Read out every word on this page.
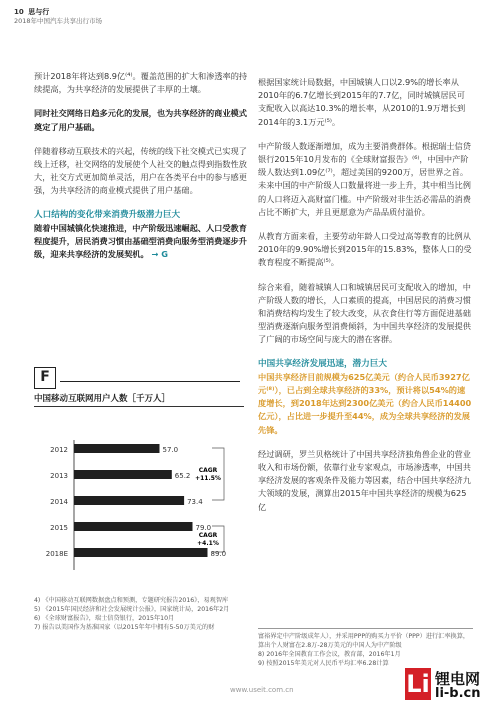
10 思与行
2018年中国汽车共享出行市场

预计2018年将达到8.9亿⁽⁴⁾。覆盖范围的扩大和渗透率的持续提高，为共享经济的发展提供了丰厚的土壤。

同时社交网络日趋多元化的发展，也为共享经济的商业模式奠定了用户基础。

伴随着移动互联技术的兴起，传统的线下社交模式已实现了线上迁移，社交网络的发展使个人社交的触点得到指数性放大，社交方式更加简单灵活，用户在各类平台中的参与感更强，为共享经济的商业模式提供了用户基础。

人口结构的变化带来消费升级潜力巨大

随着中国城镇化快速推进，中产阶级迅速崛起、人口受教育程度提升，居民消费习惯由基础型消费向服务型消费逐步升级，迎来共享经济的发展契机。 → G

F
中国移动互联网用户人数［千万人］
2012	57.0
2013	65.2
2014	73.4
2015	79.0
2018E	89.0
CAGR
+11.5%
CAGR
+4.1%
4) 《中国移动互联网数据盘点和预测，专题研究报告2016》，易观智库
5) 《2015年国民经济和社会发展统计公报》，国家统计局，2016年2月
6) 《全球财富报告》，瑞士信贷银行，2015年10月
7) 报告以美国作为基准国家（以2015年年中拥有5-50万美元的财

根据国家统计局数据，中国城镇人口以2.9%的增长率从2010年的6.7亿增长到2015年的7.7亿，同时城镇居民可支配收入以高达10.3%的增长率，从2010的1.9万增长到2014年的3.1万元⁽⁵⁾。

中产阶级人数逐渐增加，成为主要消费群体。根据瑞士信贷银行2015年10月发布的《全球财富报告》⁽⁶⁾，中国中产阶级人数达到1.09亿⁽⁷⁾，超过美国的9200万，居世界之首。未来中国的中产阶级人口数量将进一步上升，其中相当比例的人口将迈入高财富门槛。中产阶级对非生活必需品的消费占比不断扩大，并且更愿意为产品品质付溢价。

从教育方面来看，主要劳动年龄人口受过高等教育的比例从2010年的9.90%增长到2015年的15.83%，整体人口的受教育程度不断提高⁽⁵⁾。

综合来看，随着城镇人口和城镇居民可支配收入的增加，中产阶级人数的增长，人口素质的提高，中国居民的消费习惯和消费结构均发生了较大改变，从衣食住行等方面促进基础型消费逐渐向服务型消费倾斜，为中国共享经济的发展提供了广阔的市场空间与庞大的潜在客群。

中国共享经济发展迅速，潜力巨大

中国共享经济目前规模为625亿美元（约合人民币3927亿元⁽⁸⁾），已占到全球共享经济的33%，预计将以54%的速度增长，到2018年达到2300亿美元（约合人民币14400亿元），占比进一步提升至44%，成为全球共享经济的发展先锋。

经过调研，罗兰贝格统计了中国共享经济独角兽企业的营业收入和市场份额，依靠行业专家观点，市场渗透率，中国共享经济发展的客观条件及能力等因素，结合中国共享经济九大领域的发展，测算出2015年中国共享经济的规模为625亿

富裕界定中产阶级成年人），并采用PPP的购买力平价（PPP）进行汇率换算，算出个人财富在2.8万-28万美元的中国人为中产阶级
8) 2016年全国教育工作会议，教育部，2016年1月
9) 按照2015年美元对人民币平均汇率6.28计算
www.useit.com.cn	Li 锂电网
li-b.cn
